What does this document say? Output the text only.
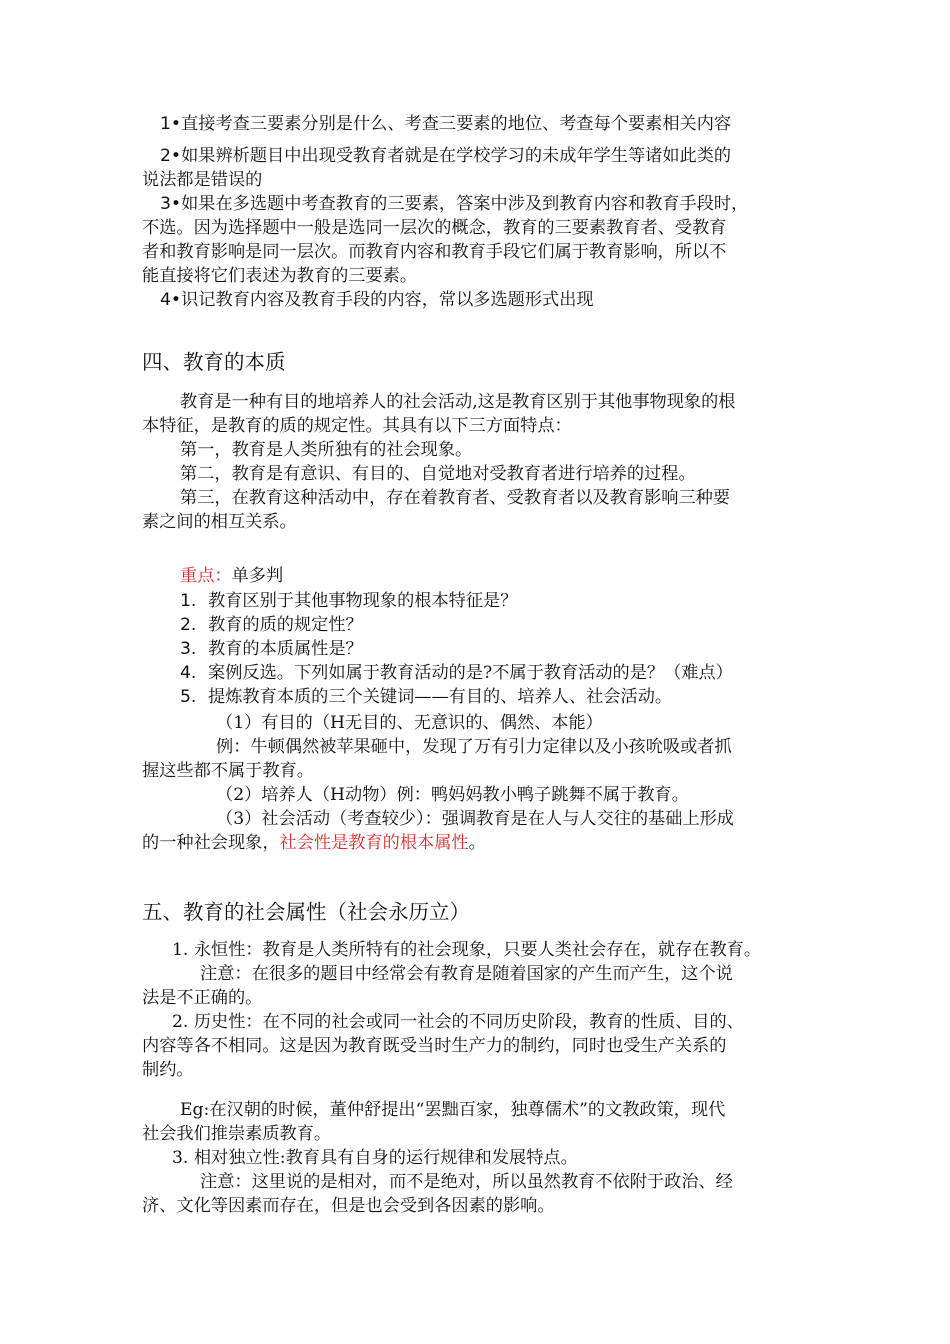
1•直接考查三要素分别是什么、考查三要素的地位、考查每个要素相关内容

2•如果辨析题目中出现受教育者就是在学校学习的未成年学生等诸如此类的

说法都是错误的

3•如果在多选题中考查教育的三要素，答案中涉及到教育内容和教育手段时，

不选。因为选择题中一般是选同一层次的概念，教育的三要素教育者、受教育

者和教育影响是同一层次。而教育内容和教育手段它们属于教育影响，所以不

能直接将它们表述为教育的三要素。

4•识记教育内容及教育手段的内容，常以多选题形式出现

四、教育的本质

教育是一种有目的地培养人的社会活动,这是教育区别于其他事物现象的根

本特征，是教育的质的规定性。其具有以下三方面特点：

第一，教育是人类所独有的社会现象。

第二，教育是有意识、有目的、自觉地对受教育者进行培养的过程。

第三，在教育这种活动中，存在着教育者、受教育者以及教育影响三种要

素之间的相互关系。

重点：单多判

1. 教育区别于其他事物现象的根本特征是？
2. 教育的质的规定性？
3. 教育的本质属性是？
4. 案例反选。下列如属于教育活动的是?不属于教育活动的是？（难点）
5. 提炼教育本质的三个关键词——有目的、培养人、社会活动。

（1）有目的（H无目的、无意识的、偶然、本能）

例：牛顿偶然被苹果砸中，发现了万有引力定律以及小孩吮吸或者抓

握这些都不属于教育。

（2）培养人（H动物）例：鸭妈妈教小鸭子跳舞不属于教育。

（3）社会活动（考查较少）：强调教育是在人与人交往的基础上形成

的一种社会现象，社会性是教育的根本属性。

五、教育的社会属性（社会永历立）

1. 永恒性：教育是人类所特有的社会现象，只要人类社会存在，就存在教育。

注意：在很多的题目中经常会有教育是随着国家的产生而产生，这个说

法是不正确的。

2. 历史性：在不同的社会或同一社会的不同历史阶段，教育的性质、目的、

内容等各不相同。这是因为教育既受当时生产力的制约，同时也受生产关系的

制约。

Eg:在汉朝的时候，董仲舒提出“罢黜百家，独尊儒术”的文教政策，现代

社会我们推崇素质教育。

3. 相对独立性:教育具有自身的运行规律和发展特点。

注意：这里说的是相对，而不是绝对，所以虽然教育不依附于政治、经

济、文化等因素而存在，但是也会受到各因素的影响。
